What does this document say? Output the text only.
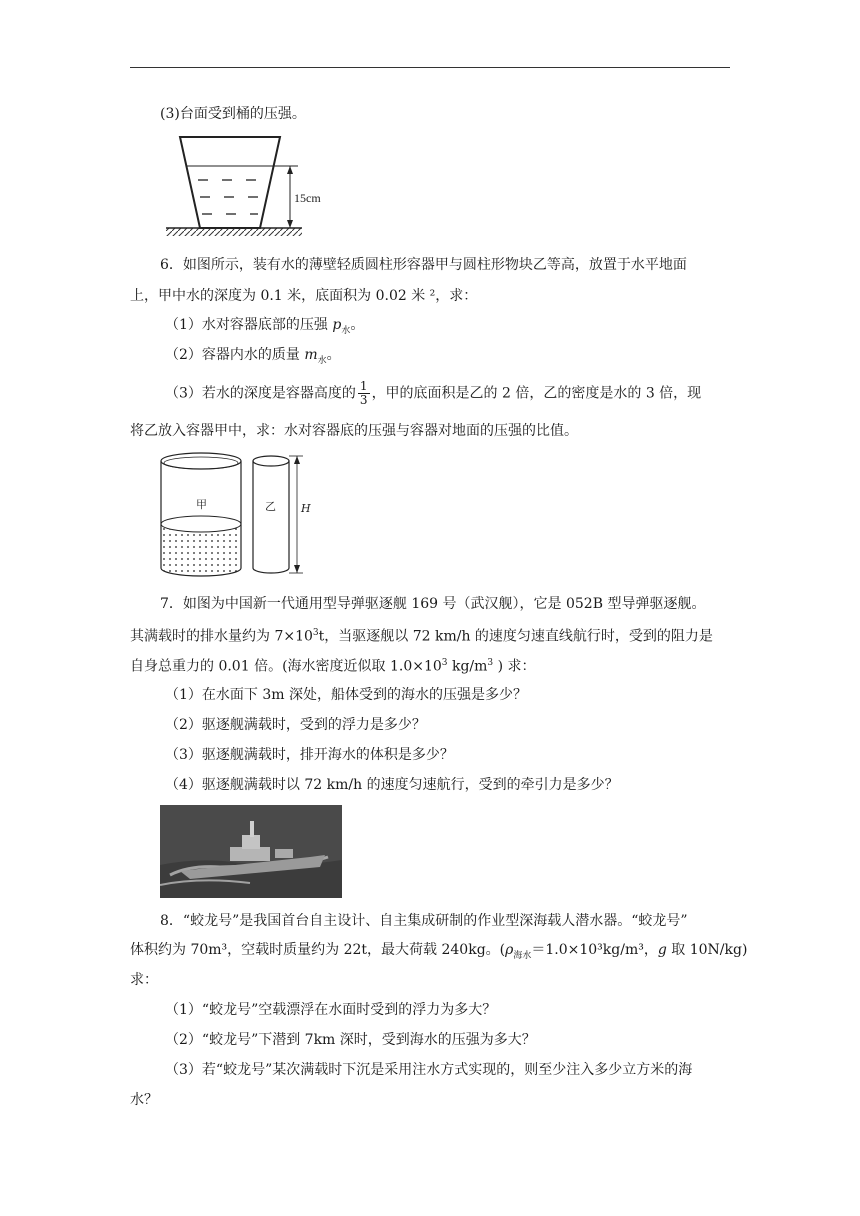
(3)台面受到桶的压强。
15cm
6．如图所示，装有水的薄壁轻质圆柱形容器甲与圆柱形物块乙等高，放置于水平地面
上，甲中水的深度为 0.1 米，底面积为 0.02 米 ²，求：
（1）水对容器底部的压强 $p_水$。
（2）容器内水的质量 $m_水$。
（3）若水的深度是容器高度的 $\frac{1}{3}$ ，甲的底面积是乙的 2 倍，乙的密度是水的 3 倍，现
将乙放入容器甲中，求：水对容器底的压强与容器对地面的压强的比值。
甲	乙 H
7．如图为中国新一代通用型导弹驱逐舰 169 号（武汉舰），它是 052B 型导弹驱逐舰。
其满载时的排水量约为 $7\times 10^3t$，当驱逐舰以 72 km/h 的速度匀速直线航行时，受到的阻力是
自身总重力的 0.01 倍。(海水密度近似取 $1.0\times 10^3$ $kg/m^3$ ) 求：
（1）在水面下 3m 深处，船体受到的海水的压强是多少？
（2）驱逐舰满载时，受到的浮力是多少？
（3）驱逐舰满载时，排开海水的体积是多少？
（4）驱逐舰满载时以 72 km/h 的速度匀速航行，受到的牵引力是多少？
8．“蛟龙号”是我国首台自主设计、自主集成研制的作业型深海载人潜水器。“蛟龙号”
体积约为 70m³，空载时质量约为 22t，最大荷载 240kg。($\rho_{海水}=1.0\times 10^3kg/m^3$，g 取 10N/kg)
求：
（1）“蛟龙号”空载漂浮在水面时受到的浮力为多大？
（2）“蛟龙号”下潜到 7km 深时，受到海水的压强为多大？
（3）若“蛟龙号”某次满载时下沉是采用注水方式实现的，则至少注入多少立方米的海
水？
